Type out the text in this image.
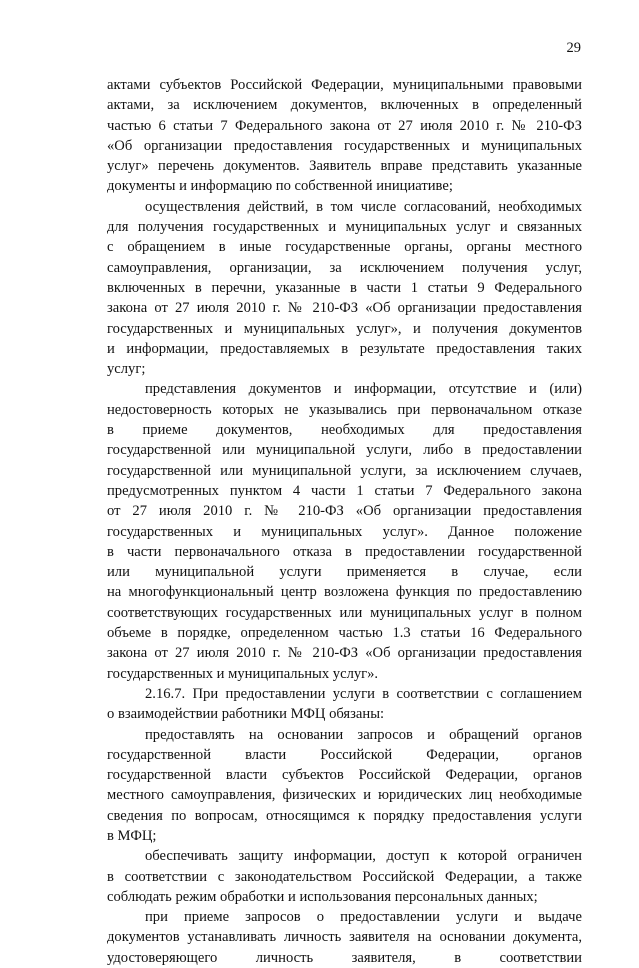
29
актами субъектов Российской Федерации, муниципальными правовыми
актами, за исключением документов, включенных в определенный
частью 6 статьи 7 Федерального закона от 27 июля 2010 г. № 210-ФЗ
«Об организации предоставления государственных и муниципальных
услуг» перечень документов. Заявитель вправе представить указанные
документы и информацию по собственной инициативе;
осуществления действий, в том числе согласований, необходимых
для получения государственных и муниципальных услуг и связанных
с обращением в иные государственные органы, органы местного
самоуправления, организации, за исключением получения услуг,
включенных в перечни, указанные в части 1 статьи 9 Федерального
закона от 27 июля 2010 г. № 210-ФЗ «Об организации предоставления
государственных и муниципальных услуг», и получения документов
и информации, предоставляемых в результате предоставления таких
услуг;
представления документов и информации, отсутствие и (или)
недостоверность которых не указывались при первоначальном отказе
в приеме документов, необходимых для предоставления
государственной или муниципальной услуги, либо в предоставлении
государственной или муниципальной услуги, за исключением случаев,
предусмотренных пунктом 4 части 1 статьи 7 Федерального закона
от 27 июля 2010 г. № 210-ФЗ «Об организации предоставления
государственных и муниципальных услуг». Данное положение
в части первоначального отказа в предоставлении государственной
или муниципальной услуги применяется в случае, если
на многофункциональный центр возложена функция по предоставлению
соответствующих государственных или муниципальных услуг в полном
объеме в порядке, определенном частью 1.3 статьи 16 Федерального
закона от 27 июля 2010 г. № 210-ФЗ «Об организации предоставления
государственных и муниципальных услуг».
2.16.7. При предоставлении услуги в соответствии с соглашением
о взаимодействии работники МФЦ обязаны:
предоставлять на основании запросов и обращений органов
государственной власти Российской Федерации, органов
государственной власти субъектов Российской Федерации, органов
местного самоуправления, физических и юридических лиц необходимые
сведения по вопросам, относящимся к порядку предоставления услуги
в МФЦ;
обеспечивать защиту информации, доступ к которой ограничен
в соответствии с законодательством Российской Федерации, а также
соблюдать режим обработки и использования персональных данных;
при приеме запросов о предоставлении услуги и выдаче
документов устанавливать личность заявителя на основании документа,
удостоверяющего личность заявителя, в соответствии
